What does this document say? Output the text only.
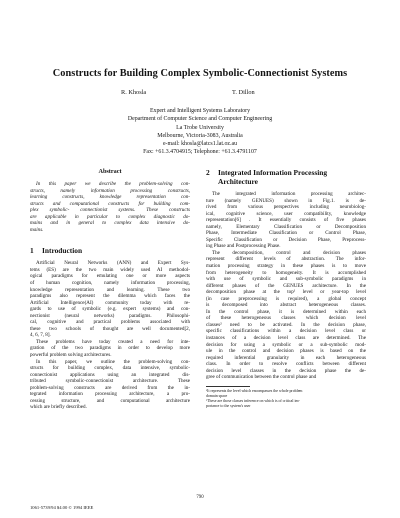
Constructs for Building Complex Symbolic-Connectionist Systems
R. Khosla	T. Dillon
Expert and Intelligent Systems Laboratory
Department of Computer Science and Computer Engineering
La Trobe University
Melbourne, Victoria-3083, Australia
e-mail: khosla@latcs1.lat.oz.au
Fax: +61.3.4704915; Telephone: +61.3.4791107
Abstract
In this paper we describe the problem-solving con-
structs, namely information processing constructs,
learning constructs, knowledge representation con-
structs and computational constructs for building com-
plex symbolic- connectionist systems. These constructs
are applicable in particular to complex diagnostic do-
mains and in general to complex data intensive do-
mains.
1 Introduction
Artificial Neural Networks (ANN) and Expert Sys-
tems (ES) are the two main widely used AI methodol-
ogical paradigms for emulating one or more aspects
of human cognition, namely information processing,
knowledge representation and learning. These two
paradigms also represent the dilemma which faces the
Artificial Intelligence(AI) community today with re-
gards to use of symbolic (e.g. expert systems) and con-
nectionist (neural networks) paradigms. Philosophi-
cal, cognitive and practical problems associated with
these two schools of thought are well documented[2,
4, 6, 7, 8].
These problems have today created a need for inte-
gration of the two paradigms in order to develop more
powerful problem solving architectures.
In this paper, we outline the problem-solving con-
structs for building complex, data intensive, symbolic-
connectionist applications using an integrated dis-
tributed symbolic-connectionist architecture. These
problem-solving constructs are derived from the in-
tegrated information processing architecture, a pro-
cessing structure, and computational architecture
which are briefly described.
2 Integrated Information Processing
Architecture
The integrated information processing architec-
ture (namely GENUES) shown in Fig.1. is de-
rived from various perspectives including neurobiolog-
ical, cognitive science, user compatibility, knowledge
representation[6] . It essentially consists of five phases
namely, Elementary Classification or Decomposition
Phase, Intermediate Classification or Control Phase,
Specific Classification or Decision Phase, Preprocess-
ing Phase and Postprocessing Phase.
The decomposition, control and decision phases
represent different levels of abstraction. The infor-
mation processing strategy in these phases is to move
from heterogeneity to homogeneity. It is accomplished
with use of symbolic and sub-symbolic paradigms in
different phases of the GENUES architecture. In the
decomposition phase at the top¹ level or year-top level
(in case preprocessing is required), a global concept
is decomposed into abstract heterogeneous classes.
In the control phase, it is determined within each
of these heterogeneous classes which decision level
classes² need to be activated. In the decision phase,
specific classifications within a decision level class or
instances of a decision level class are determined. The
decision for using a symbolic or a sub-symbolic mod-
ule in the control and decision phases is based on the
required inferential granularity in each heterogeneous
class. In order to resolve conflicts between different
decision level classes in the decision phase the de-
gree of communication between the control phase and
¹It represents the level which encompasses the whole problem
domain space
²These are those classes inference on which is of critical im-
portance to the system's user
790
1061-5739/94 $4.00 © 1994 IEEE
